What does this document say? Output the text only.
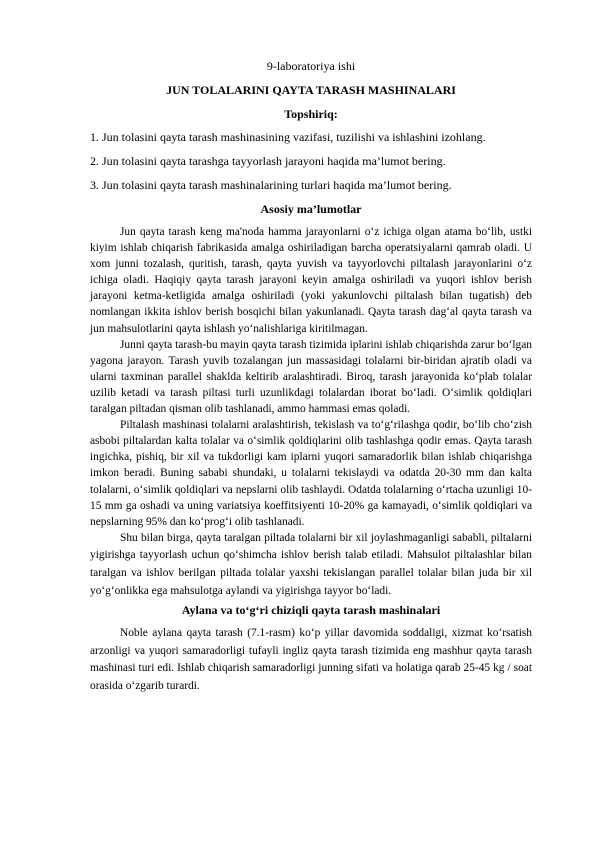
9-laboratoriya ishi
JUN TOLALARINI QAYTA TARASH MASHINALARI
Topshiriq:
1. Jun tolasini qayta tarash mashinasining vazifasi, tuzilishi va ishlashini izohlang.
2. Jun tolasini qayta tarashga tayyorlash jarayoni haqida ma’lumot bering.
3. Jun tolasini qayta tarash mashinalarining turlari haqida ma’lumot bering.
Asosiy ma’lumotlar

Jun qayta tarash keng ma'noda hamma jarayonlarni o‘z ichiga olgan atama bo‘lib, ustki kiyim ishlab chiqarish fabrikasida amalga oshiriladigan barcha operatsiyalarni qamrab oladi. U xom junni tozalash, quritish, tarash, qayta yuvish va tayyorlovchi piltalash jarayonlarini o‘z ichiga oladi. Haqiqiy qayta tarash jarayoni keyin amalga oshiriladi va yuqori ishlov berish jarayoni ketma-ketligida amalga oshiriladi (yoki yakunlovchi piltalash bilan tugatish) deb nomlangan ikkita ishlov berish bosqichi bilan yakunlanadi. Qayta tarash dag‘al qayta tarash va jun mahsulotlarini qayta ishlash yo‘nalishlariga kiritilmagan.

Junni qayta tarash-bu mayin qayta tarash tizimida iplarini ishlab chiqarishda zarur bo‘lgan yagona jarayon. Tarash yuvib tozalangan jun massasidagi tolalarni bir-biridan ajratib oladi va ularni taxminan parallel shaklda keltirib aralashtiradi. Biroq, tarash jarayonida ko‘plab tolalar uzilib ketadi va tarash piltasi turli uzunlikdagi tolalardan iborat bo‘ladi. O‘simlik qoldiqlari taralgan piltadan qisman olib tashlanadi, ammo hammasi emas qoladi.

Piltalash mashinasi tolalarni aralashtirish, tekislash va to‘g‘rilashga qodir, bo‘lib cho‘zish asbobi piltalardan kalta tolalar va o‘simlik qoldiqlarini olib tashlashga qodir emas. Qayta tarash ingichka, pishiq, bir xil va tukdorligi kam iplarni yuqori samaradorlik bilan ishlab chiqarishga imkon beradi. Buning sababi shundaki, u tolalarni tekislaydi va odatda 20-30 mm dan kalta tolalarni, o‘simlik qoldiqlari va nepslarni olib tashlaydi. Odatda tolalarning o‘rtacha uzunligi 10-15 mm ga oshadi va uning variatsiya koeffitsiyenti 10-20% ga kamayadi, o‘simlik qoldiqlari va nepslarning 95% dan ko‘prog‘i olib tashlanadi.

Shu bilan birga, qayta taralgan piltada tolalarni bir xil joylashmaganligi sababli, piltalarni yigirishga tayyorlash uchun qo‘shimcha ishlov berish talab etiladi. Mahsulot piltalashlar bilan taralgan va ishlov berilgan piltada tolalar yaxshi tekislangan parallel tolalar bilan juda bir xil yo‘g‘onlikka ega mahsulotga aylandi va yigirishga tayyor bo‘ladi.

Aylana va to‘g‘ri chiziqli qayta tarash mashinalari

Noble aylana qayta tarash (7.1-rasm) ko‘p yillar davomida soddaligi, xizmat ko‘rsatish arzonligi va yuqori samaradorligi tufayli ingliz qayta tarash tizimida eng mashhur qayta tarash mashinasi turi edi. Ishlab chiqarish samaradorligi junning sifati va holatiga qarab 25-45 kg / soat orasida o‘zgarib turardi.
